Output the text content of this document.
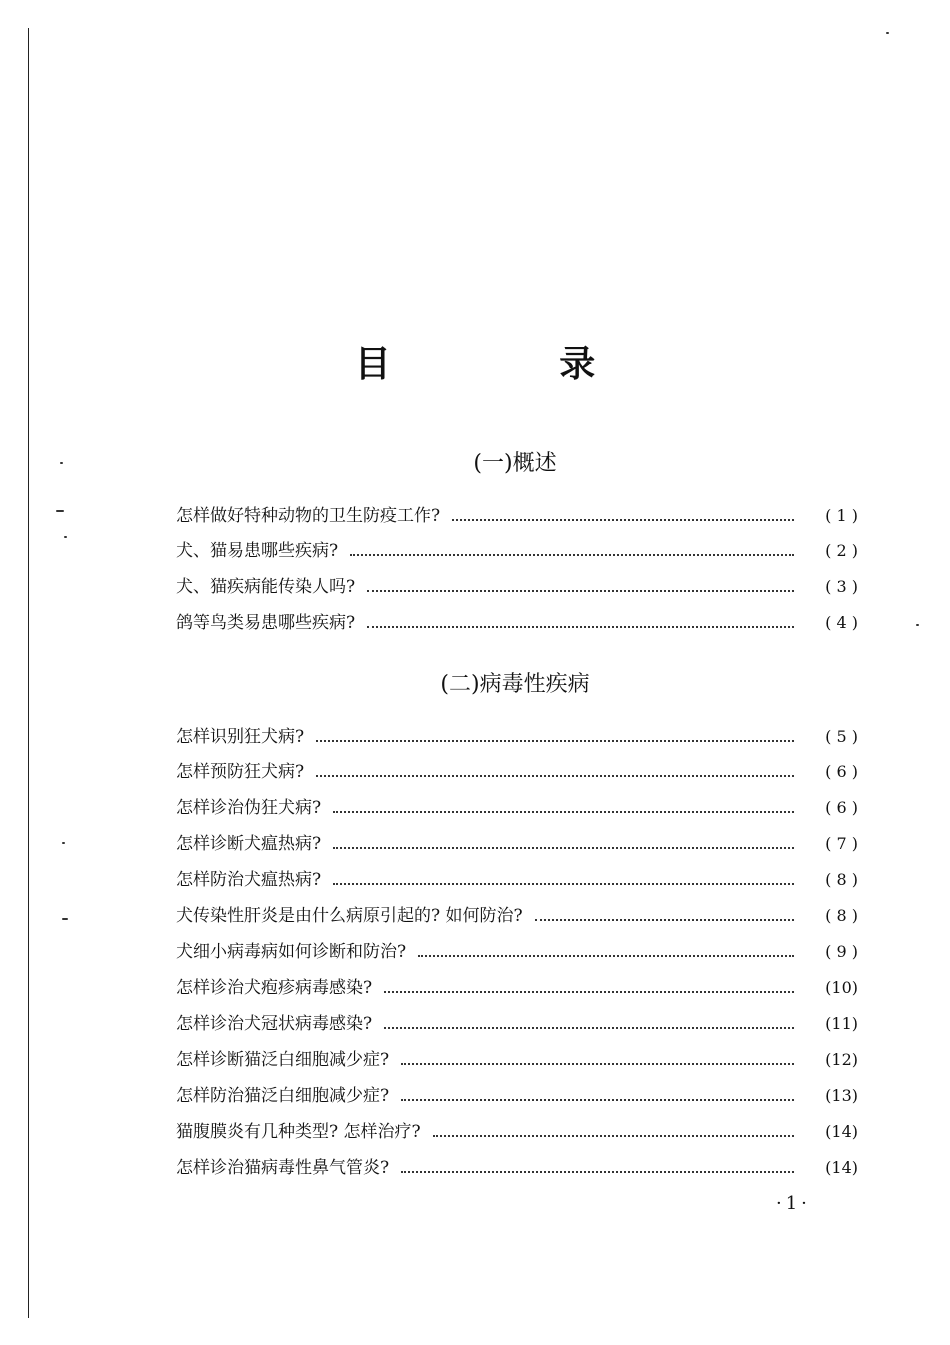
目 录
(一)概述
怎样做好特种动物的卫生防疫工作?	( 1 )
犬、猫易患哪些疾病?	( 2 )
犬、猫疾病能传染人吗?	( 3 )
鸽等鸟类易患哪些疾病?	( 4 )
(二)病毒性疾病
怎样识别狂犬病?	( 5 )
怎样预防狂犬病?	( 6 )
怎样诊治伪狂犬病?	( 6 )
怎样诊断犬瘟热病?	( 7 )
怎样防治犬瘟热病?	( 8 )
犬传染性肝炎是由什么病原引起的? 如何防治?	( 8 )
犬细小病毒病如何诊断和防治?	( 9 )
怎样诊治犬疱疹病毒感染?	(10)
怎样诊治犬冠状病毒感染?	(11)
怎样诊断猫泛白细胞减少症?	(12)
怎样防治猫泛白细胞减少症?	(13)
猫腹膜炎有几种类型? 怎样治疗?	(14)
怎样诊治猫病毒性鼻气管炎?	(14)
·1·
